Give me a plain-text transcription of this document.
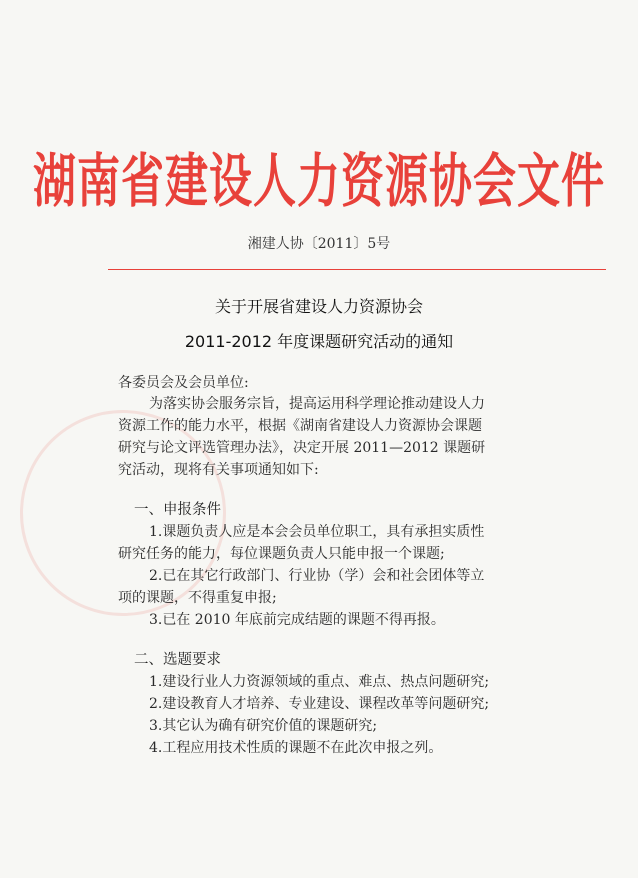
湖南省建设人力资源协会文件
湘建人协〔2011〕5号
关于开展省建设人力资源协会
2011-2012 年度课题研究活动的通知
各委员会及会员单位:
为落实协会服务宗旨，提高运用科学理论推动建设人力
资源工作的能力水平，根据《湖南省建设人力资源协会课题
研究与论文评选管理办法》，决定开展 2011—2012 课题研
究活动，现将有关事项通知如下:
一、申报条件
1.课题负责人应是本会会员单位职工，具有承担实质性
研究任务的能力，每位课题负责人只能申报一个课题;
2.已在其它行政部门、行业协（学）会和社会团体等立
项的课题，不得重复申报;
3.已在 2010 年底前完成结题的课题不得再报。
二、选题要求
1.建设行业人力资源领域的重点、难点、热点问题研究;
2.建设教育人才培养、专业建设、课程改革等问题研究;
3.其它认为确有研究价值的课题研究;
4.工程应用技术性质的课题不在此次申报之列。
